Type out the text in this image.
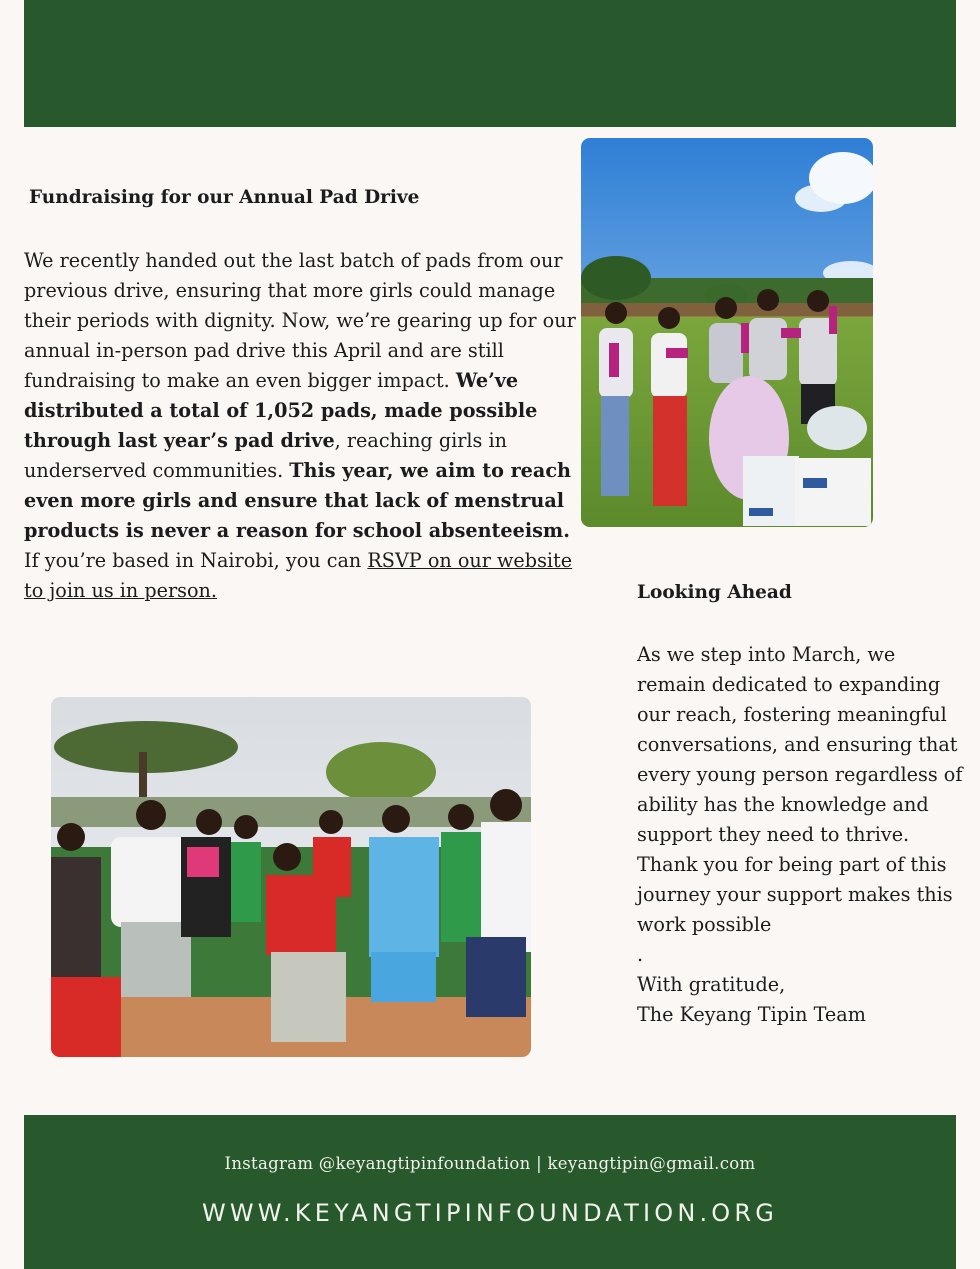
Fundraising for our Annual Pad Drive
We recently handed out the last batch of pads from our previous drive, ensuring that more girls could manage their periods with dignity. Now, we’re gearing up for our annual in-person pad drive this April and are still fundraising to make an even bigger impact. We’ve distributed a total of 1,052 pads, made possible through last year’s pad drive, reaching girls in underserved communities. This year, we aim to reach even more girls and ensure that lack of menstrual products is never a reason for school absenteeism.
If you’re based in Nairobi, you can RSVP on our website to join us in person.	Looking Ahead

As we step into March, we remain dedicated to expanding our reach, fostering meaningful conversations, and ensuring that every young person regardless of ability has the knowledge and support they need to thrive.

Thank you for being part of this journey your support makes this work possible

.

With gratitude,

The Keyang Tipin Team

Instagram @keyangtipinfoundation | keyangtipin@gmail.com
WWW.KEYANGTIPINFOUNDATION.ORG
